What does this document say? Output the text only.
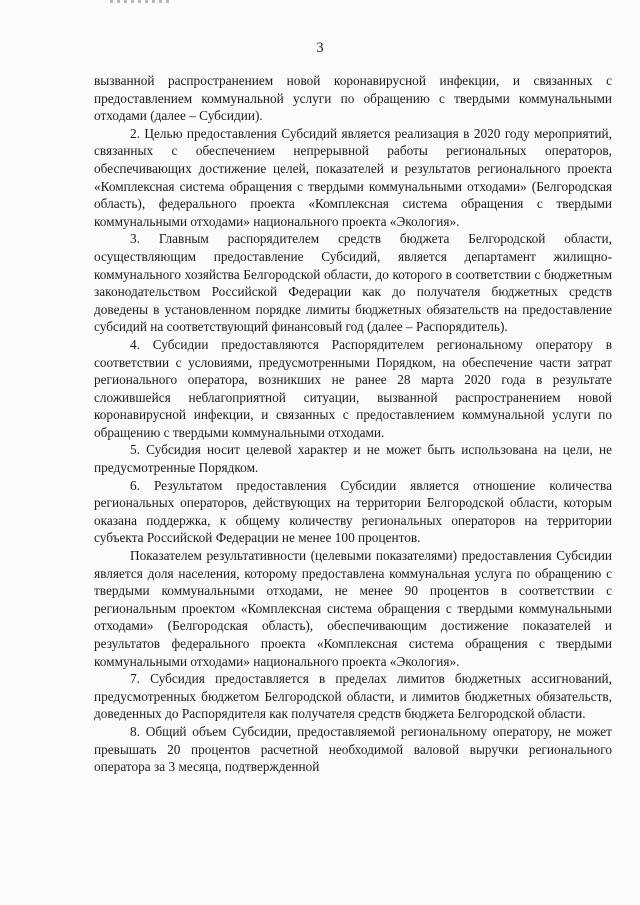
3

вызванной распространением новой коронавирусной инфекции, и связанных с предоставлением коммунальной услуги по обращению с твердыми коммунальными отходами (далее – Субсидии).

2. Целью предоставления Субсидий является реализация в 2020 году мероприятий, связанных с обеспечением непрерывной работы региональных операторов, обеспечивающих достижение целей, показателей и результатов регионального проекта «Комплексная система обращения с твердыми коммунальными отходами» (Белгородская область), федерального проекта «Комплексная система обращения с твердыми коммунальными отходами» национального проекта «Экология».

3. Главным распорядителем средств бюджета Белгородской области, осуществляющим предоставление Субсидий, является департамент жилищно-коммунального хозяйства Белгородской области, до которого в соответствии с бюджетным законодательством Российской Федерации как до получателя бюджетных средств доведены в установленном порядке лимиты бюджетных обязательств на предоставление субсидий на соответствующий финансовый год (далее – Распорядитель).

4. Субсидии предоставляются Распорядителем региональному оператору в соответствии с условиями, предусмотренными Порядком, на обеспечение части затрат регионального оператора, возникших не ранее 28 марта 2020 года в результате сложившейся неблагоприятной ситуации, вызванной распространением новой коронавирусной инфекции, и связанных с предоставлением коммунальной услуги по обращению с твердыми коммунальными отходами.

5. Субсидия носит целевой характер и не может быть использована на цели, не предусмотренные Порядком.

6. Результатом предоставления Субсидии является отношение количества региональных операторов, действующих на территории Белгородской области, которым оказана поддержка, к общему количеству региональных операторов на территории субъекта Российской Федерации не менее 100 процентов.

Показателем результативности (целевыми показателями) предоставления Субсидии является доля населения, которому предоставлена коммунальная услуга по обращению с твердыми коммунальными отходами, не менее 90 процентов в соответствии с региональным проектом «Комплексная система обращения с твердыми коммунальными отходами» (Белгородская область), обеспечивающим достижение показателей и результатов федерального проекта «Комплексная система обращения с твердыми коммунальными отходами» национального проекта «Экология».

7. Субсидия предоставляется в пределах лимитов бюджетных ассигнований, предусмотренных бюджетом Белгородской области, и лимитов бюджетных обязательств, доведенных до Распорядителя как получателя средств бюджета Белгородской области.

8. Общий объем Субсидии, предоставляемой региональному оператору, не может превышать 20 процентов расчетной необходимой валовой выручки регионального оператора за 3 месяца, подтвержденной
